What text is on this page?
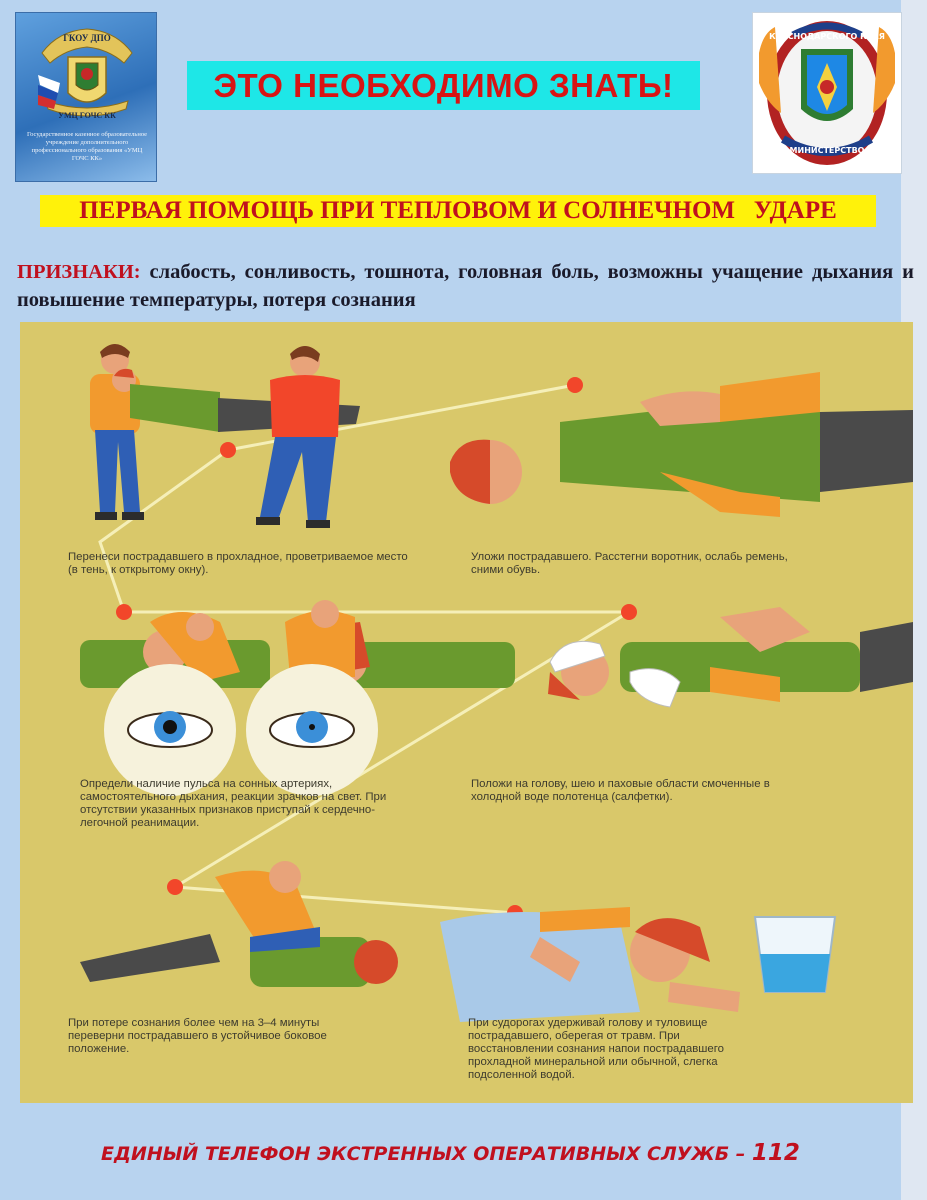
ГКОУ ДПО
УМЦ ГОЧС КК
Государственное казенное образовательное учреждение дополнительного профессионального образования «УМЦ ГОЧС КК»
ЭТО НЕОБХОДИМО ЗНАТЬ!
КРАСНОДАРСКОГО КРАЯ
МИНИСТЕРСТВО
ПЕРВАЯ ПОМОЩЬ ПРИ ТЕПЛОВОМ И СОЛНЕЧНОМ   УДАРЕ
ПРИЗНАКИ: слабость, сонливость, тошнота, головная боль, возможны учащение дыхания и повышение температуры, потеря сознания
Перенеси пострадавшего в прохладное, проветриваемое место (в тень, к открытому окну).
Уложи пострадавшего. Расстегни воротник, ослабь ремень, сними обувь.
Определи наличие пульса на сонных артериях, самостоятельного дыхания, реакции зрачков на свет. При отсутствии указанных признаков приступай к сердечно-легочной реанимации.
Положи на голову, шею и паховые области смоченные в холодной воде полотенца (салфетки).
При потере сознания более чем на 3–4 минуты переверни пострадавшего в устойчивое боковое положение.
При судорогах удерживай голову и туловище пострадавшего, оберегая от травм. При восстановлении сознания напои пострадавшего прохладной минеральной или обычной, слегка подсоленной водой.
ЕДИНЫЙ ТЕЛЕФОН ЭКСТРЕННЫХ ОПЕРАТИВНЫХ СЛУЖБ – 112
